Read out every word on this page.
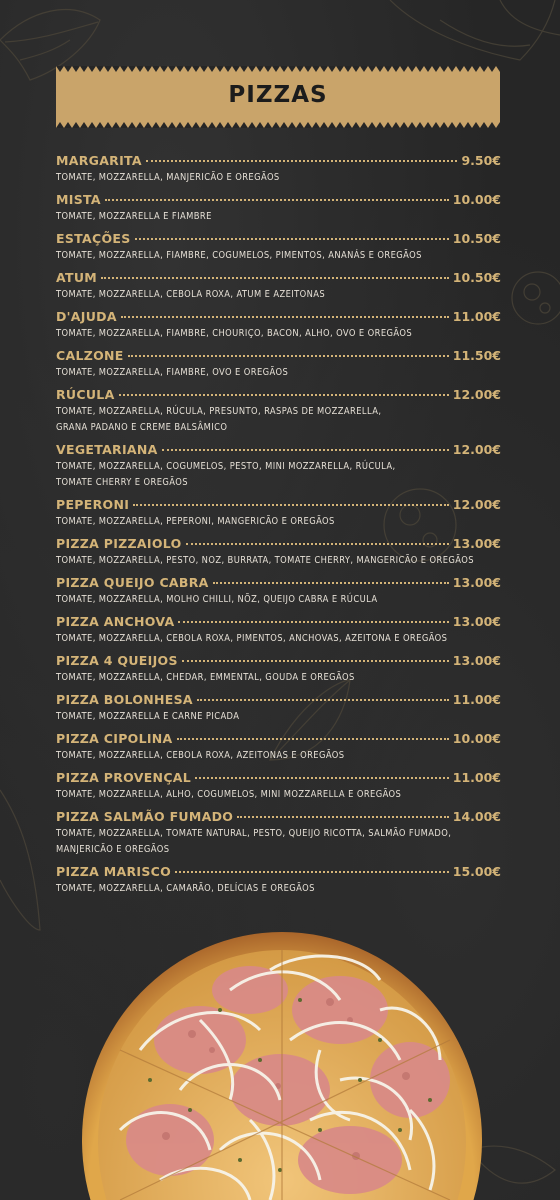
PIZZAS
MARGARITA	9.50€
TOMATE, MOZZARELLA, MANJERICÃO E OREGÃOS
MISTA	10.00€
TOMATE, MOZZARELLA E FIAMBRE
ESTAÇÕES	10.50€
TOMATE, MOZZARELLA, FIAMBRE, COGUMELOS, PIMENTOS, ANANÁS E OREGÃOS
ATUM	10.50€
TOMATE, MOZZARELLA, CEBOLA ROXA, ATUM E AZEITONAS
D'AJUDA	11.00€
TOMATE, MOZZARELLA, FIAMBRE, CHOURIÇO, BACON, ALHO, OVO E OREGÃOS
CALZONE	11.50€
TOMATE, MOZZARELLA, FIAMBRE, OVO E OREGÃOS
RÚCULA	12.00€
TOMATE, MOZZARELLA, RÚCULA, PRESUNTO, RASPAS DE MOZZARELLA,
GRANA PADANO E CREME BALSÂMICO
VEGETARIANA	12.00€
TOMATE, MOZZARELLA, COGUMELOS, PESTO, MINI MOZZARELLA, RÚCULA,
TOMATE CHERRY E OREGÃOS
PEPERONI	12.00€
TOMATE, MOZZARELLA, PEPERONI, MANGERICÃO E OREGÃOS
PIZZA PIZZAIOLO	13.00€
TOMATE, MOZZARELLA, PESTO, NOZ, BURRATA, TOMATE CHERRY, MANGERICÃO E OREGÃOS
PIZZA QUEIJO CABRA	13.00€
TOMATE, MOZZARELLA, MOLHO CHILLI, NÕZ, QUEIJO CABRA E RÚCULA
PIZZA ANCHOVA	13.00€
TOMATE, MOZZARELLA, CEBOLA ROXA, PIMENTOS, ANCHOVAS, AZEITONA E OREGÃOS
PIZZA 4 QUEIJOS	13.00€
TOMATE, MOZZARELLA, CHEDAR, EMMENTAL, GOUDA E OREGÃOS
PIZZA BOLONHESA	11.00€
TOMATE, MOZZARELLA E CARNE PICADA
PIZZA CIPOLINA	10.00€
TOMATE, MOZZARELLA, CEBOLA ROXA, AZEITONAS E OREGÃOS
PIZZA PROVENÇAL	11.00€
TOMATE, MOZZARELLA, ALHO, COGUMELOS, MINI MOZZARELLA E OREGÃOS
PIZZA SALMÃO FUMADO	14.00€
TOMATE, MOZZARELLA, TOMATE NATURAL, PESTO, QUEIJO RICOTTA, SALMÃO FUMADO,
MANJERICÃO E OREGÃOS
PIZZA MARISCO	15.00€
TOMATE, MOZZARELLA, CAMARÃO, DELÍCIAS E OREGÃOS
